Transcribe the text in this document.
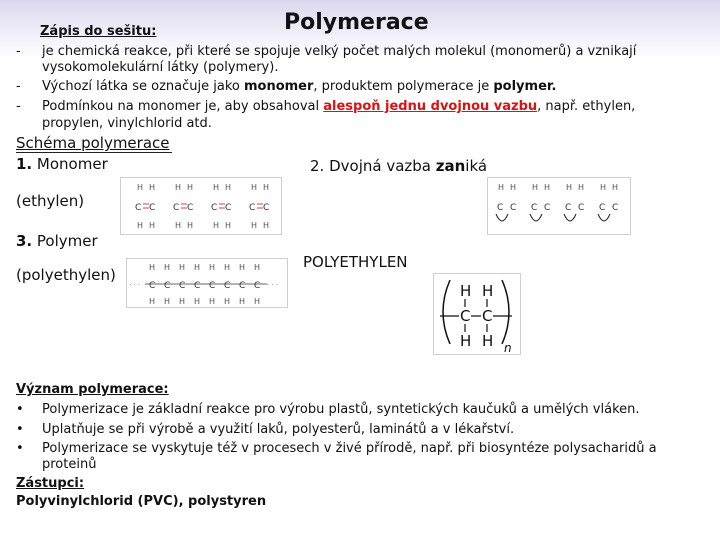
Zápis do sešitu:	Polymerace
- je chemická reakce, při které se spojuje velký počet malých molekul (monomerů) a vznikají
vysokomolekulární látky (polymery).
- Výchozí látka se označuje jako monomer, produktem polymerace je polymer.
- Podmínkou na monomer je, aby obsahoval alespoň jednu dvojnou vazbu, např. ethylen,
propylen, vinylchlorid atd.
Schéma polymerace
1. Monomer	2. Dvojná vazba zaniká
(ethylen)
3. Polymer
(polyethylen)
POLYETHYLEN
H H
C C
H H
H H
C C
H H
H H
C C
H H
H H
C C
H H
H H
C C
H H
C C
H H
C C
H H
C C
· · ·
H
C
H
H
C
H
H
C
H
H
C
H
H
C
H
H
C
H
H
C
H
H
C
H
· · ·	H H
C C
H H n
Význam polymerace:
• Polymerizace je základní reakce pro výrobu plastů, syntetických kaučuků a umělých vláken.
• Uplatňuje se při výrobě a využití laků, polyesterů, laminátů a v lékařství.
• Polymerizace se vyskytuje též v procesech v živé přírodě, např. při biosyntéze polysacharidů a
proteinů
Zástupci:
Polyvinylchlorid (PVC), polystyren
